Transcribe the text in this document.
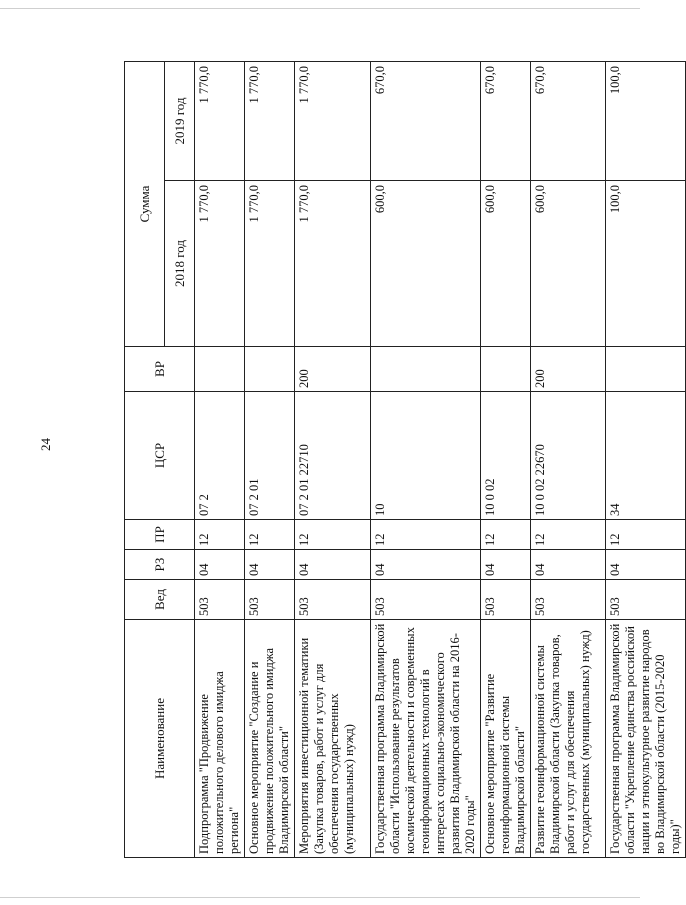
24
Наименование	Вед	РЗ	ПР	ЦСР	ВР	Сумма	
						2018 год	2019 год
Подпрограмма "Продвижение положительного делового имиджа региона"	503	04	12	07 2		1 770,0	1 770,0
Основное мероприятие "Создание и продвижение положительного имиджа Владимирской области"	503	04	12	07 2 01		1 770,0	1 770,0
Мероприятия инвестиционной тематики (Закупка товаров, работ и услуг для обеспечения государственных (муниципальных) нужд)	503	04	12	07 2 01 22710	200	1 770,0	1 770,0
Государственная программа Владимирской области "Использование результатов космической деятельности и современных геоинформационных технологий в интересах социально-экономического развития Владимирской области на 2016-2020 годы"	503	04	12	10		600,0	670,0
Основное мероприятие "Развитие геоинформационной системы Владимирской области"	503	04	12	10 0 02		600,0	670,0
Развитие геоинформационной системы Владимирской области (Закупка товаров, работ и услуг для обеспечения государственных (муниципальных) нужд)	503	04	12	10 0 02 22670	200	600,0	670,0
Государственная программа Владимирской области "Укрепление единства российской нации и этнокультурное развитие народов во Владимирской области (2015-2020 годы)"	503	04	12	34		100,0	100,0
